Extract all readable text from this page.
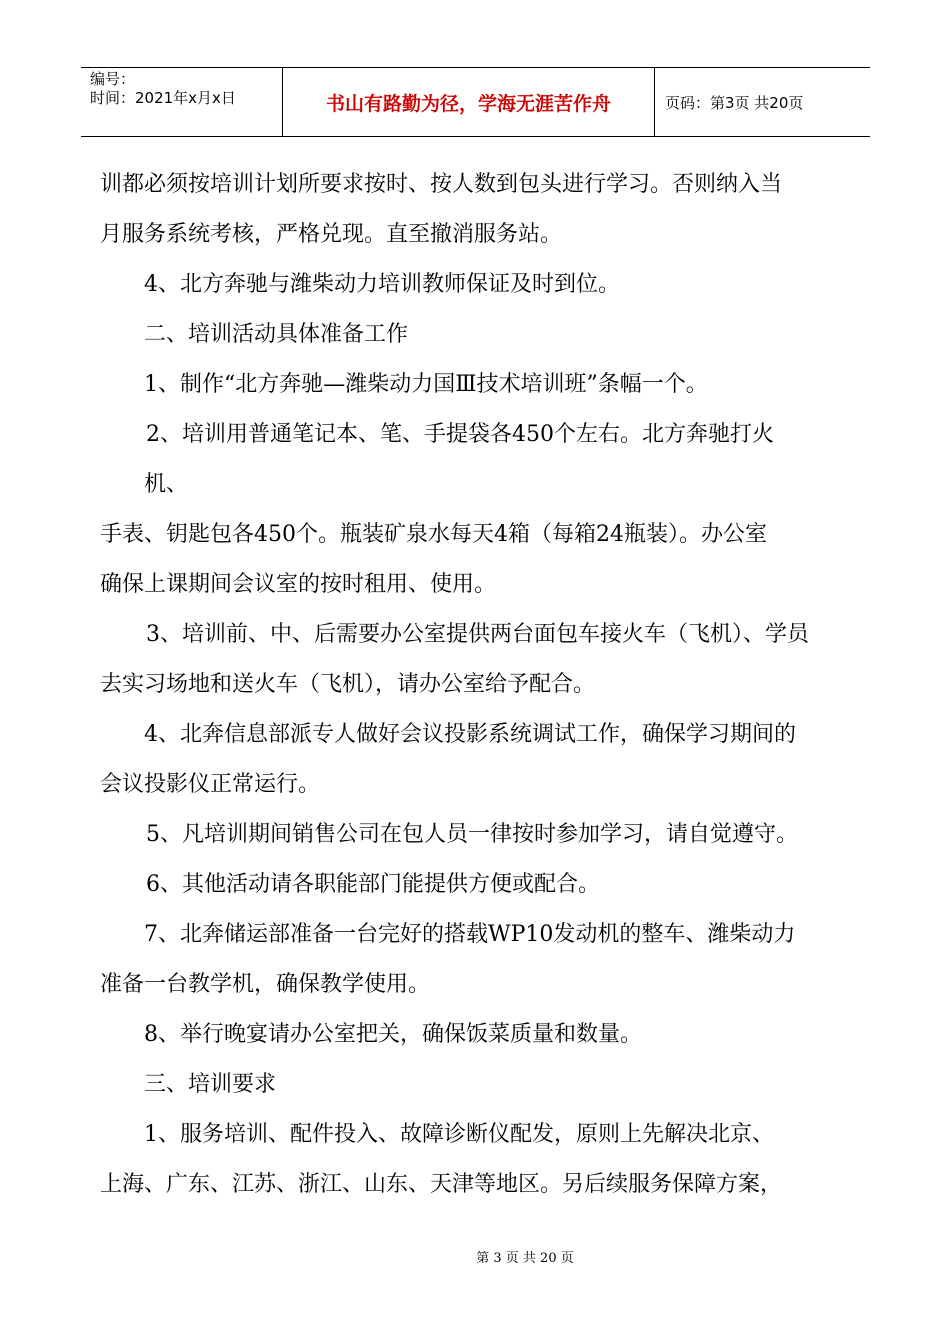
编号：
时间：2021年x月x日	书山有路勤为径，学海无涯苦作舟	页码：第3页 共20页

训都必须按培训计划所要求按时、按人数到包头进行学习。否则纳入当

月服务系统考核，严格兑现。直至撤消服务站。

4、北方奔驰与潍柴动力培训教师保证及时到位。

二、培训活动具体准备工作

1、制作“北方奔驰—潍柴动力国Ⅲ技术培训班”条幅一个。

2、培训用普通笔记本、笔、手提袋各450个左右。北方奔驰打火

机、

手表、钥匙包各450个。瓶装矿泉水每天4箱（每箱24瓶装）。办公室

确保上课期间会议室的按时租用、使用。

3、培训前、中、后需要办公室提供两台面包车接火车（飞机）、学员

去实习场地和送火车（飞机），请办公室给予配合。

4、北奔信息部派专人做好会议投影系统调试工作，确保学习期间的

会议投影仪正常运行。

5、凡培训期间销售公司在包人员一律按时参加学习，请自觉遵守。

6、其他活动请各职能部门能提供方便或配合。

7、北奔储运部准备一台完好的搭载WP10发动机的整车、潍柴动力

准备一台教学机，确保教学使用。

8、举行晚宴请办公室把关，确保饭菜质量和数量。

三、培训要求

1、服务培训、配件投入、故障诊断仪配发，原则上先解决北京、

上海、广东、江苏、浙江、山东、天津等地区。另后续服务保障方案，

第 3 页 共 20 页
